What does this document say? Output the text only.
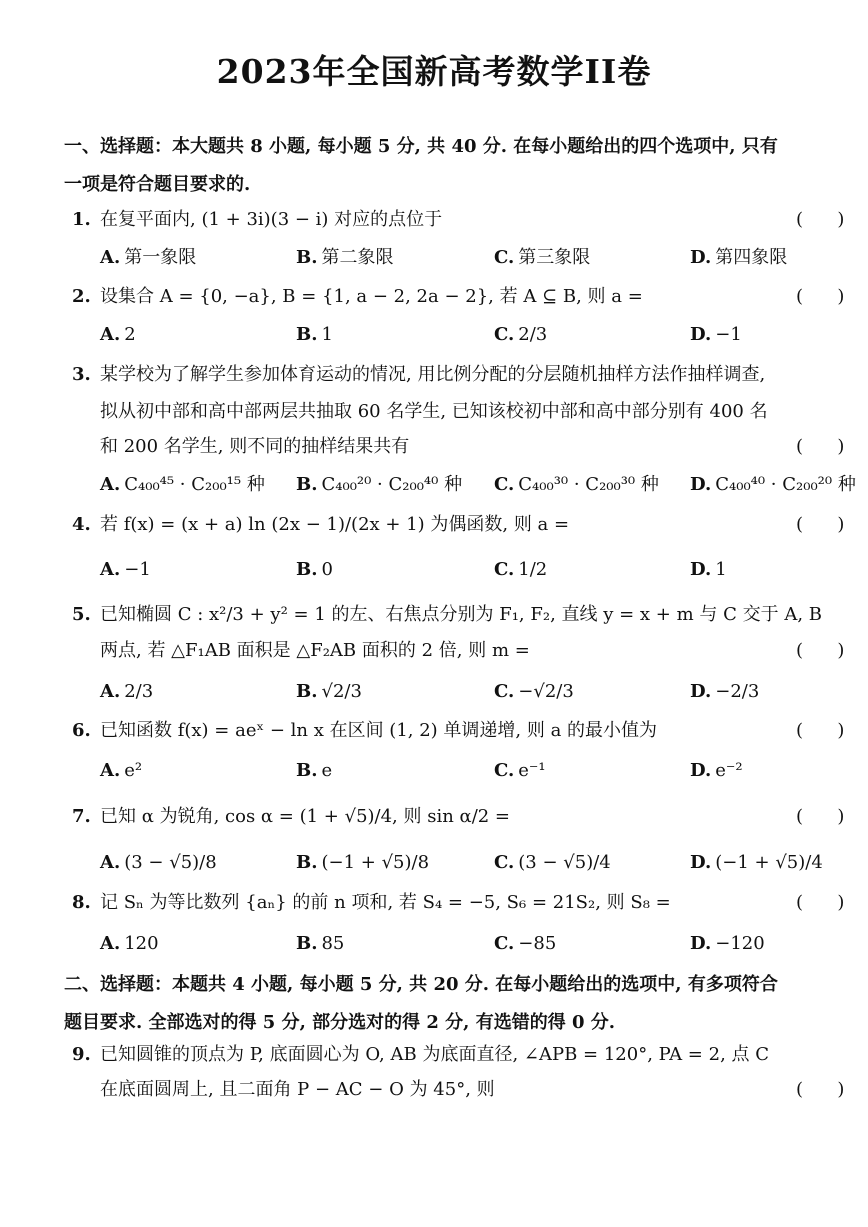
2023年全国新高考数学II卷
一、选择题：本大题共 8 小题, 每小题 5 分, 共 40 分. 在每小题给出的四个选项中, 只有
一项是符合题目要求的.
1. 在复平面内, (1 + 3i)(3 − i) 对应的点位于	(      )
A. 第一象限	B. 第二象限	C. 第三象限	D. 第四象限
2. 设集合 A = {0, −a}, B = {1, a − 2, 2a − 2}, 若 A ⊆ B, 则 a =	(      )
A. 2	B. 1	C. 2/3	D. −1
3. 某学校为了解学生参加体育运动的情况, 用比例分配的分层随机抽样方法作抽样调查,
拟从初中部和高中部两层共抽取 60 名学生, 已知该校初中部和高中部分别有 400 名
和 200 名学生, 则不同的抽样结果共有	(      )
A. C₄₀₀⁴⁵ · C₂₀₀¹⁵ 种 B. C₄₀₀²⁰ · C₂₀₀⁴⁰ 种 C. C₄₀₀³⁰ · C₂₀₀³⁰ 种 D. C₄₀₀⁴⁰ · C₂₀₀²⁰ 种
4. 若 f(x) = (x + a) ln (2x − 1)/(2x + 1) 为偶函数, 则 a =	(      )
A. −1	B. 0	C. 1/2	D. 1
5. 已知椭圆 C : x²/3 + y² = 1 的左、右焦点分别为 F₁, F₂, 直线 y = x + m 与 C 交于 A, B
两点, 若 △F₁AB 面积是 △F₂AB 面积的 2 倍, 则 m =	(      )
A. 2/3	B. √2/3	C. −√2/3	D. −2/3
6. 已知函数 f(x) = aeˣ − ln x 在区间 (1, 2) 单调递增, 则 a 的最小值为	(      )
A. e²	B. e	C. e⁻¹	D. e⁻²
7. 已知 α 为锐角, cos α = (1 + √5)/4, 则 sin α/2 =	(      )
A. (3 − √5)/8	B. (−1 + √5)/8	C. (3 − √5)/4	D. (−1 + √5)/4
8. 记 Sₙ 为等比数列 {aₙ} 的前 n 项和, 若 S₄ = −5, S₆ = 21S₂, 则 S₈ =	(      )
A. 120	B. 85	C. −85	D. −120
二、选择题：本题共 4 小题, 每小题 5 分, 共 20 分. 在每小题给出的选项中, 有多项符合
题目要求. 全部选对的得 5 分, 部分选对的得 2 分, 有选错的得 0 分.
9. 已知圆锥的顶点为 P, 底面圆心为 O, AB 为底面直径, ∠APB = 120°, PA = 2, 点 C
在底面圆周上, 且二面角 P − AC − O 为 45°, 则	(      )
